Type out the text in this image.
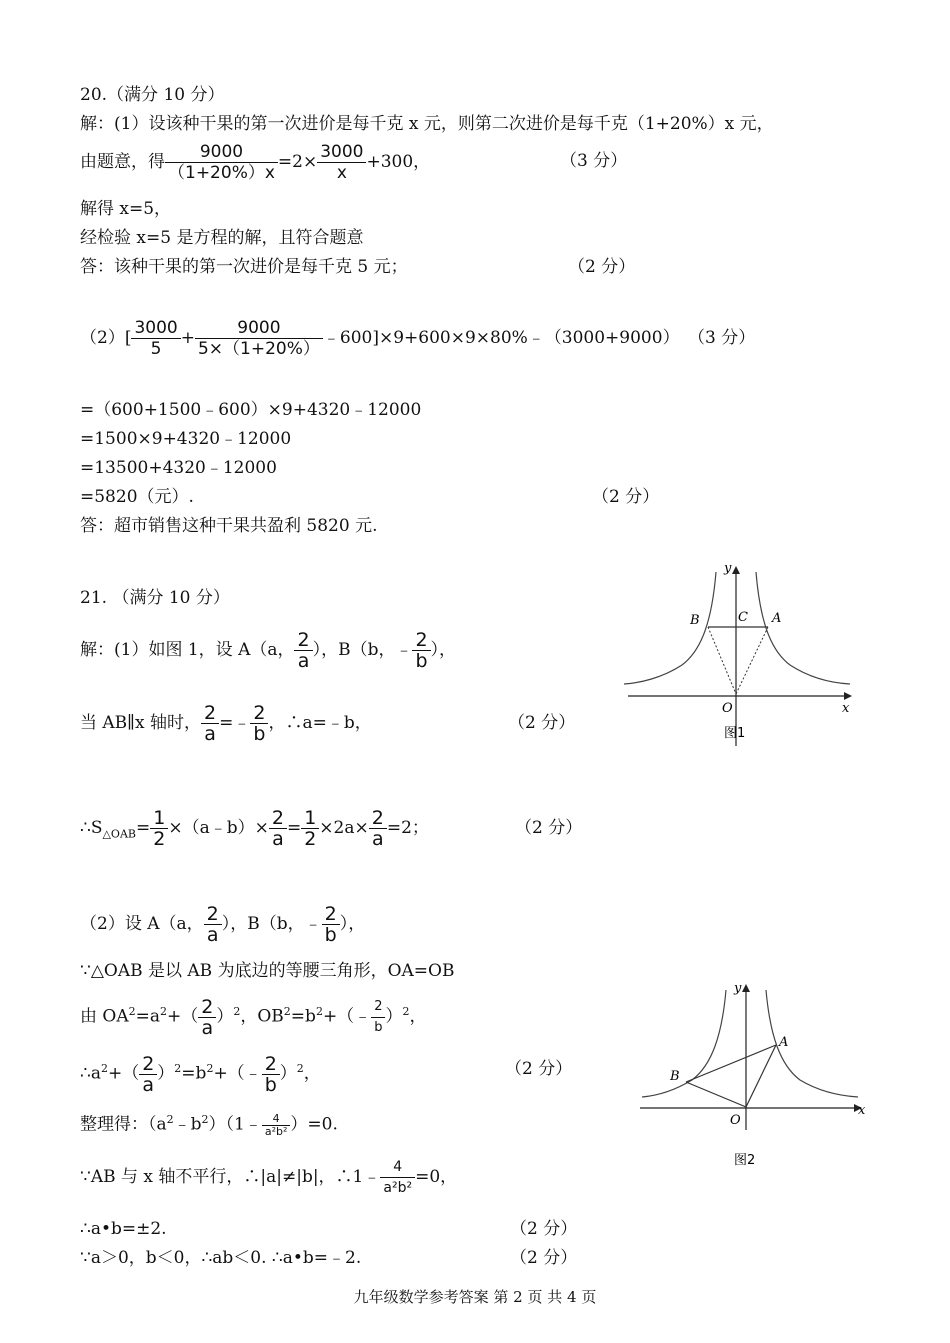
20.（满分 10 分）
解：(1）设该种干果的第一次进价是每千克 x 元，则第二次进价是每千克（1+20%）x 元，
由题意，得 $\frac{9000}{(1+20\%)x} =2\times \frac{3000}{x} +300$，	（3 分）
解得 x=5，
经检验 x=5 是方程的解，且符合题意
答：该种干果的第一次进价是每千克 5 元；	（2 分）
$(2)[ \frac{3000}{5} + \frac{9000}{5\times(1+20\%)}$ ﹣600]×9+600×9×80%﹣（3000+9000） （3 分）
=（600+1500﹣600）×9+4320﹣12000
=1500×9+4320﹣12000
=13500+4320﹣12000
=5820（元）.	（2 分）
答：超市销售这种干果共盈利 5820 元.
21. （满分 10 分）
解：(1）如图 1，设 A（a， $\frac{2}{a}$ ），B（b，﹣ $\frac{2}{b}$ ），
当 AB∥x 轴时， $\frac{2}{a}$ =﹣ $\frac{2}{b}$ ，∴a=﹣b，	（2 分）
$\therefore S_{\triangle OAB}= \frac{1}{2}$ ×（a﹣b）× $\frac{2}{a} = \frac{1}{2} \times 2a\times \frac{2}{a} =2$；	（2 分）
（2）设 A（a， $\frac{2}{a}$ ），B（b，﹣ $\frac{2}{b}$ ），
∵△OAB 是以 AB 为底边的等腰三角形，OA=OB
由 $OA^2=a^2+( \frac{2}{a} )^2$，$OB^2=b^2+(﹣ \frac{2}{b} )^2$，
$\therefore a^2+( \frac{2}{a}$ ）$^2=b^2+(﹣ \frac{2}{b} )^2$，	（2 分）
整理得：$(a^2﹣b^2)(1﹣ \frac{4}{\text{a²b²}} )=0$.
∵AB 与 x 轴不平行，∴|a|≠|b|，∴1﹣ $\frac{4}{\text{a²b²}} =0$，
∴a•b=±2.	（2 分）
∵a＞0，b＜0，∴ab＜0. ∴a•b=﹣2.	（2 分）
y
x
O
A
B	C
图1
y
x
O
A
B
图2
九年级数学参考答案 第 2 页 共 4 页
